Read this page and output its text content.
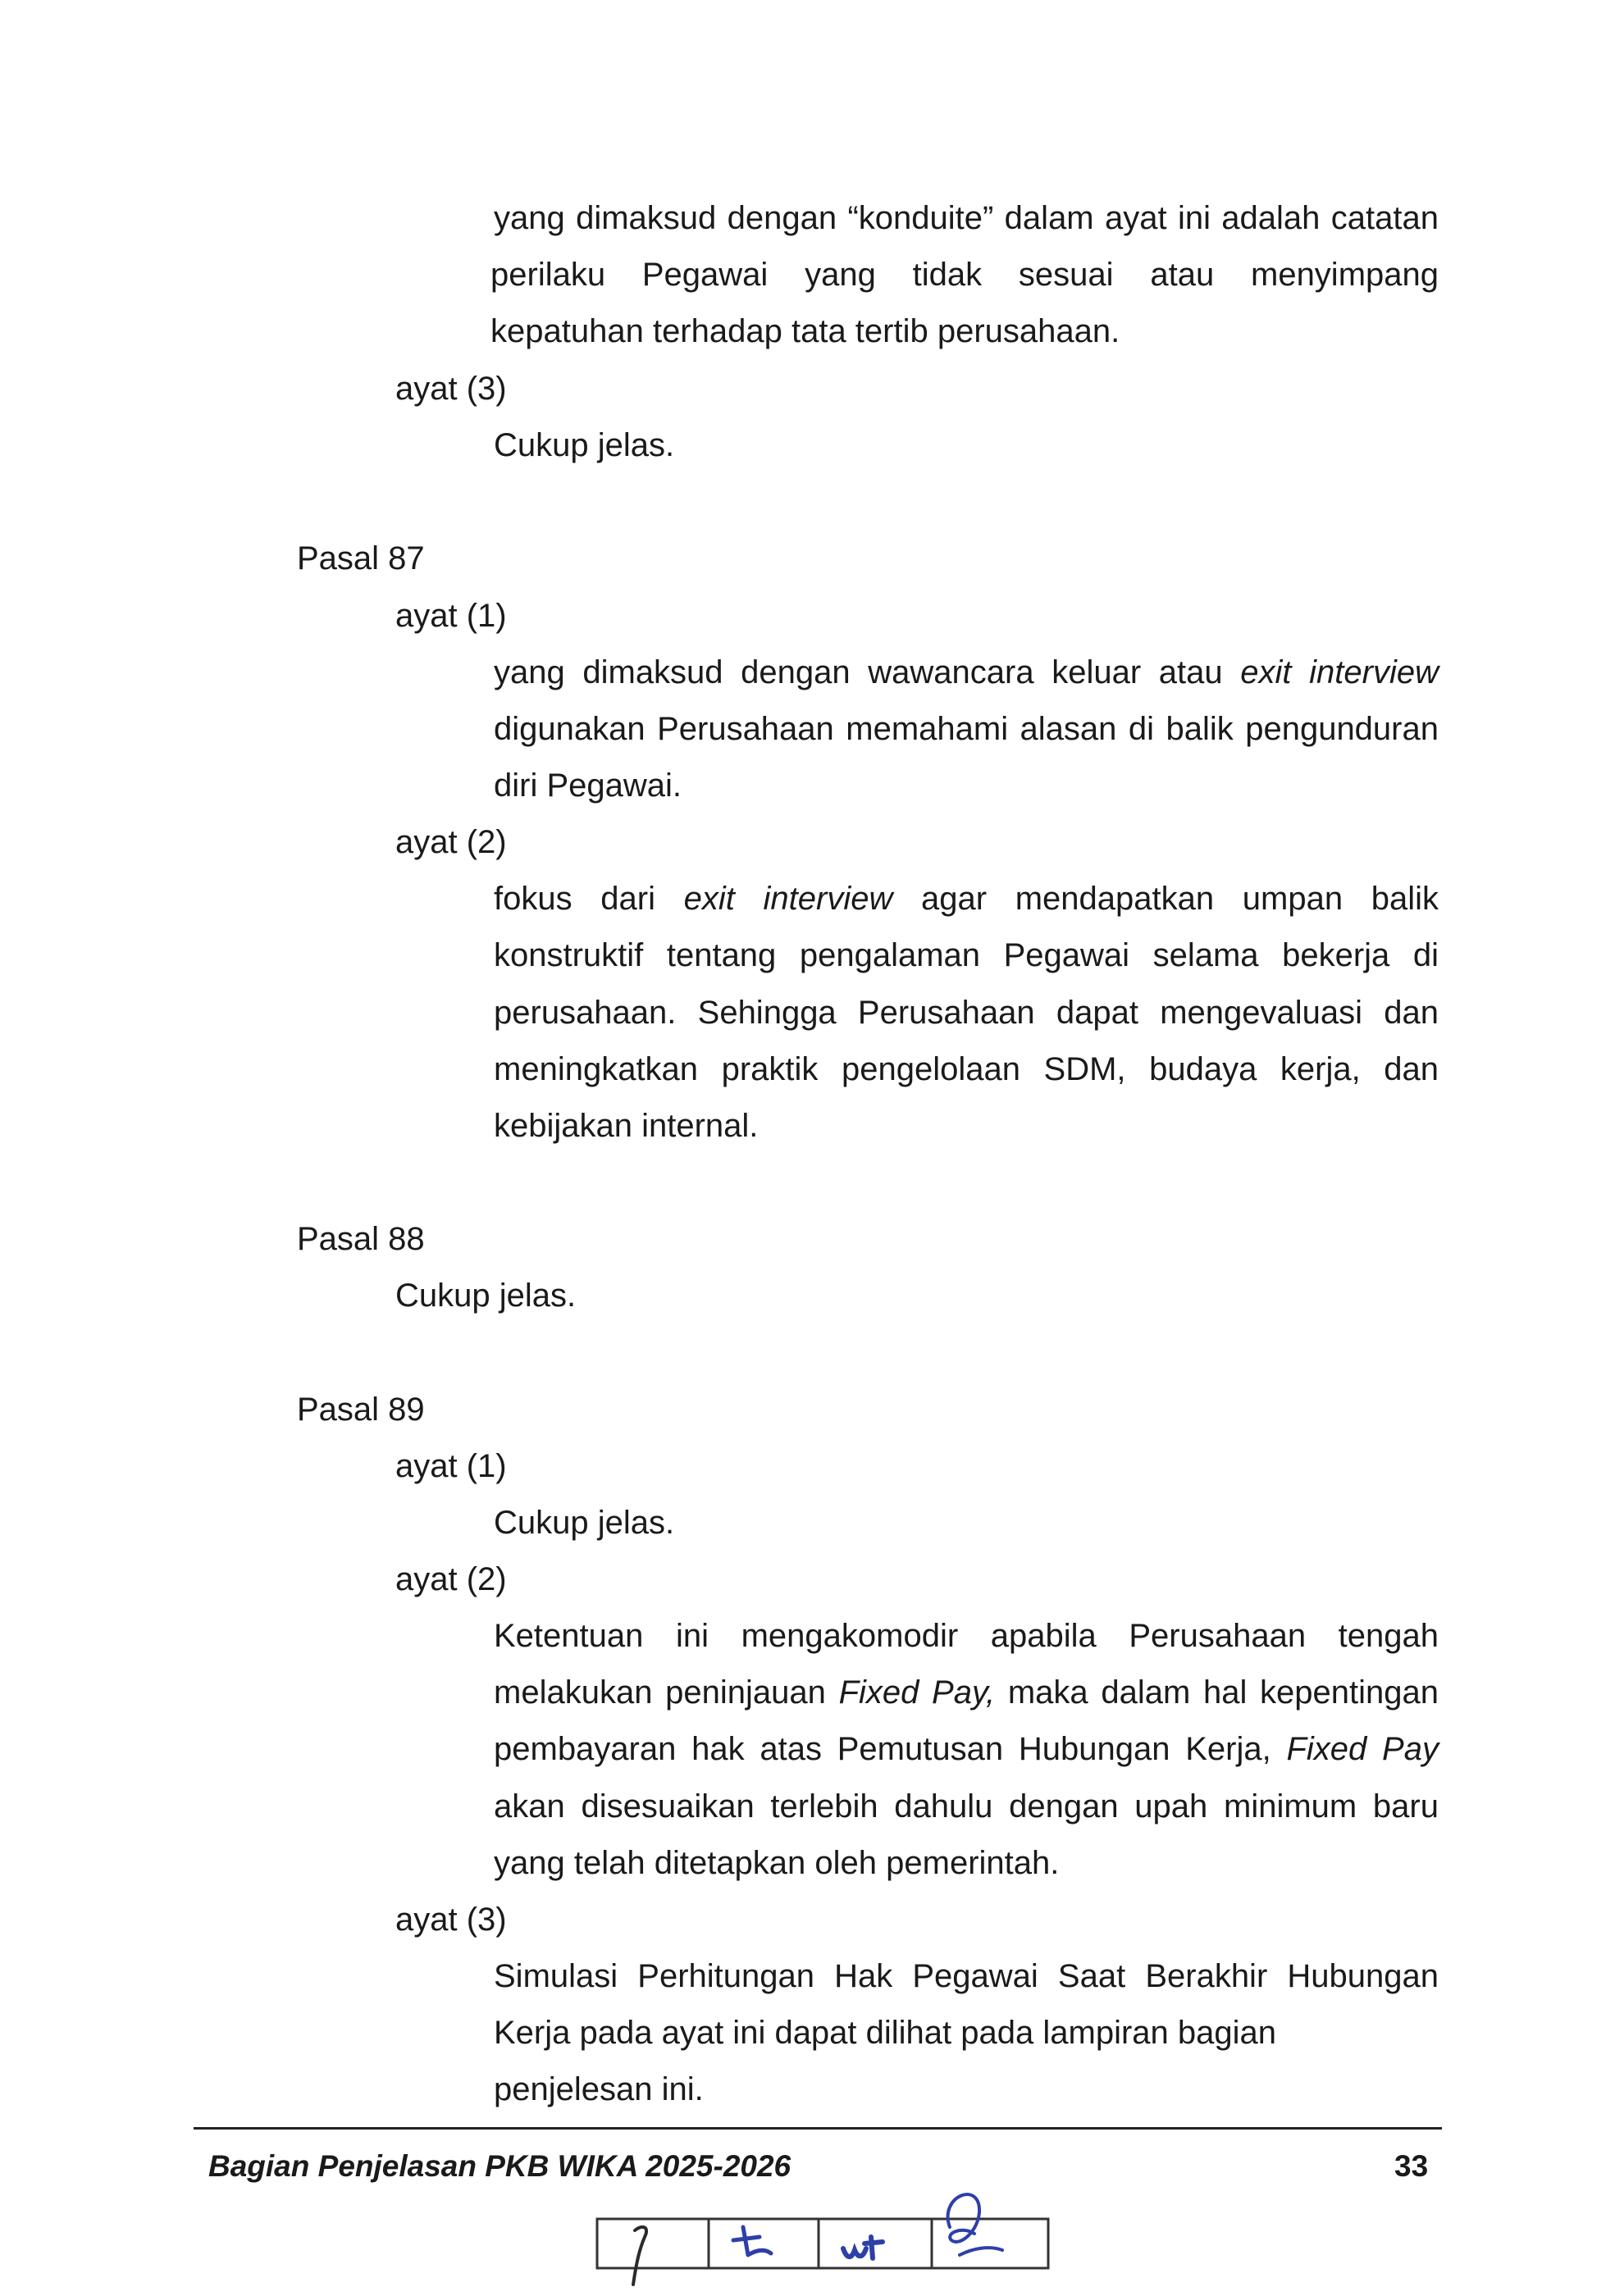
yang dimaksud dengan “konduite” dalam ayat ini adalah catatan
perilaku Pegawai yang tidak sesuai atau menyimpang
kepatuhan terhadap tata tertib perusahaan.
ayat (3)
Cukup jelas.
Pasal 87
ayat (1)
yang dimaksud dengan wawancara keluar atau exit interview
digunakan Perusahaan memahami alasan di balik pengunduran
diri Pegawai.
ayat (2)
fokus dari exit interview agar mendapatkan umpan balik
konstruktif tentang pengalaman Pegawai selama bekerja di
perusahaan. Sehingga Perusahaan dapat mengevaluasi dan
meningkatkan praktik pengelolaan SDM, budaya kerja, dan
kebijakan internal.
Pasal 88
Cukup jelas.
Pasal 89
ayat (1)
Cukup jelas.
ayat (2)
Ketentuan ini mengakomodir apabila Perusahaan tengah
melakukan peninjauan Fixed Pay, maka dalam hal kepentingan
pembayaran hak atas Pemutusan Hubungan Kerja, Fixed Pay
akan disesuaikan terlebih dahulu dengan upah minimum baru
yang telah ditetapkan oleh pemerintah.
ayat (3)
Simulasi Perhitungan Hak Pegawai Saat Berakhir Hubungan
Kerja pada ayat ini dapat dilihat pada lampiran bagian
penjelesan ini.
Bagian Penjelasan PKB WIKA 2025-2026	33
